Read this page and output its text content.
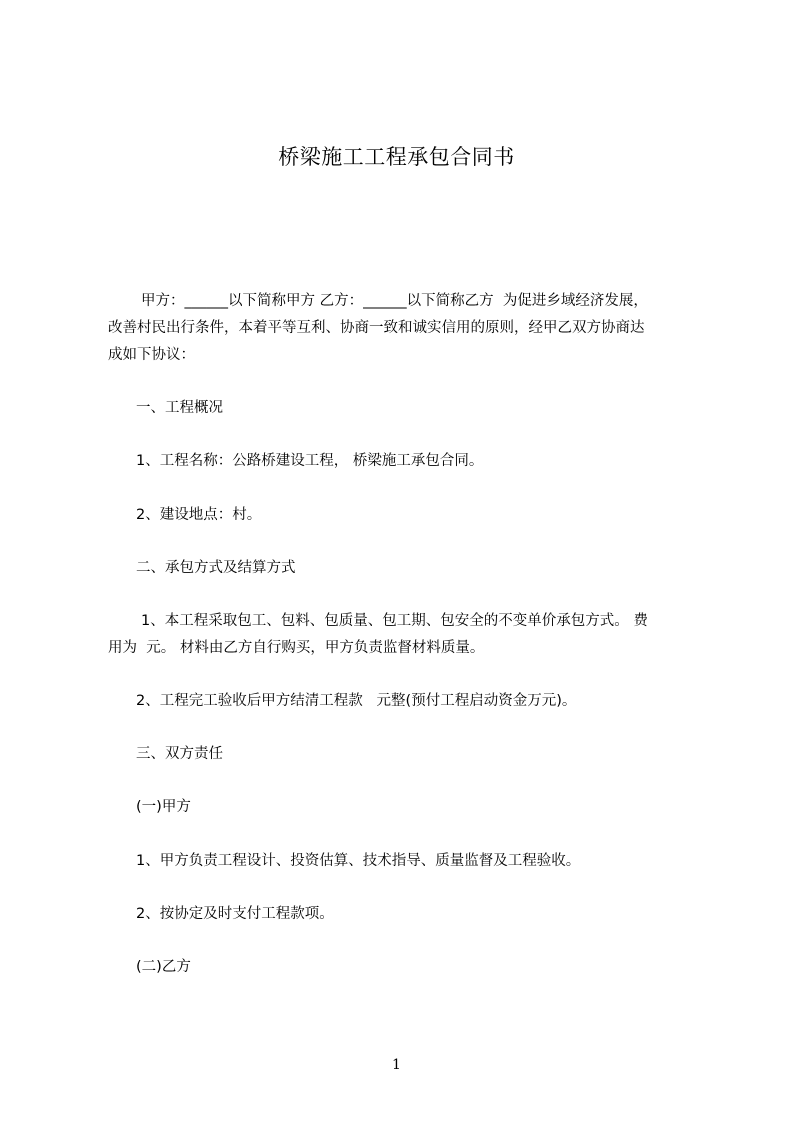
桥梁施工工程承包合同书
甲方：______以下简称甲方 乙方：______以下简称乙方  为促进乡域经济发展，
改善村民出行条件，本着平等互利、协商一致和诚实信用的原则，经甲乙双方协商达
成如下协议：
一、工程概况
1、工程名称：公路桥建设工程， 桥梁施工承包合同。
2、建设地点：村。
二、承包方式及结算方式
1、本工程采取包工、包料、包质量、包工期、包安全的不变单价承包方式。 费
用为  元。 材料由乙方自行购买，甲方负责监督材料质量。
2、工程完工验收后甲方结清工程款   元整(预付工程启动资金万元)。
三、双方责任
(一)甲方
1、甲方负责工程设计、投资估算、技术指导、质量监督及工程验收。
2、按协定及时支付工程款项。
(二)乙方
1
